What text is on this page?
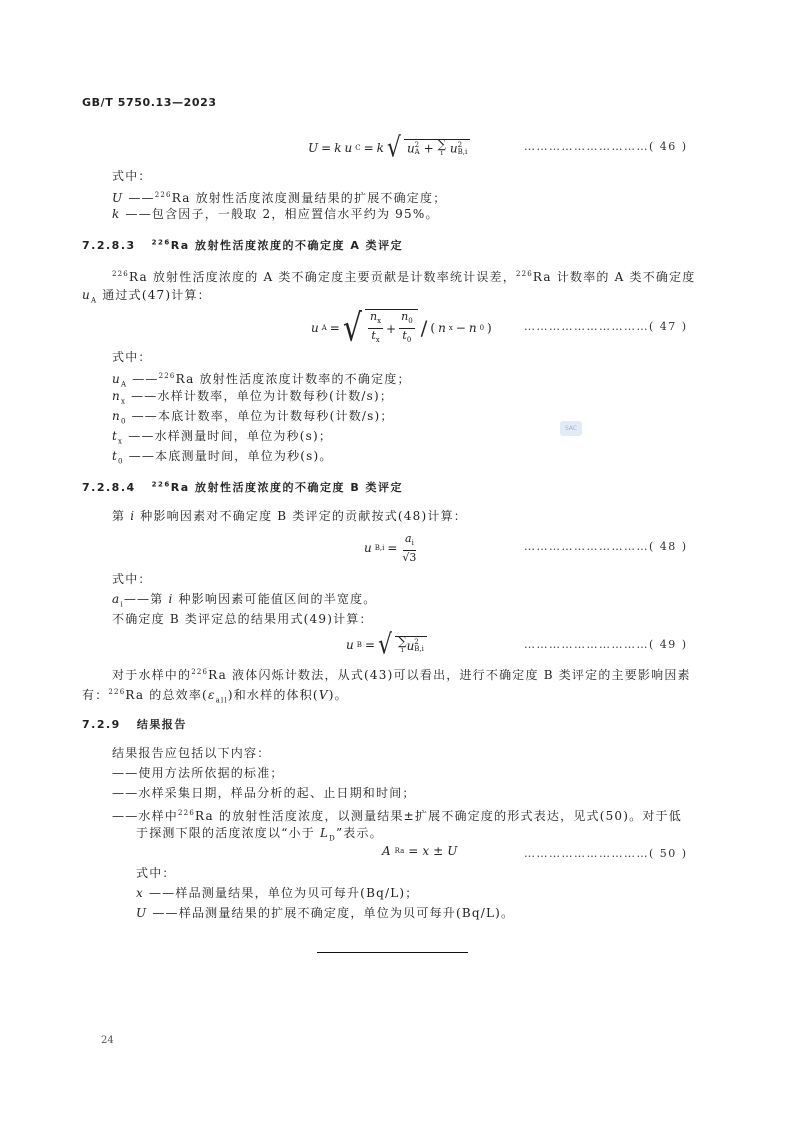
GB/T 5750.13—2023
U = k u C = k √ u 2
A + ∑
i u 2
B,i	…………………………( 46 )
式中：
U ——$^{226}$Ra 放射性活度浓度测量结果的扩展不确定度；
k ——包含因子，一般取 2，相应置信水平约为 95%。
7.2.8.3 $^{226}$Ra 放射性活度浓度的不确定度 A 类评定
$^{226}$Ra 放射性活度浓度的 A 类不确定度主要贡献是计数率统计误差，$^{226}$Ra 计数率的 A 类不确定度
$u_A$ 通过式(47)计算：
u A = √ $\frac{n_x}{t_x} + \frac{n_0}{t_0}$ / ( n x − n 0 )	…………………………( 47 )
式中：
$u_A$ ——$^{226}$Ra 放射性活度浓度计数率的不确定度；
$n_x$ ——水样计数率，单位为计数每秒(计数/s)；
$n_0$ ——本底计数率，单位为计数每秒(计数/s)；
$t_x$ ——水样测量时间，单位为秒(s)；
$t_0$ ——本底测量时间，单位为秒(s)。
7.2.8.4 $^{226}$Ra 放射性活度浓度的不确定度 B 类评定
第 i 种影响因素对不确定度 B 类评定的贡献按式(48)计算：
u $B,i = \frac{a_i}{√3}$	…………………………( 48 )
式中：
$a_i——$第 i 种影响因素可能值区间的半宽度。
不确定度 B 类评定总的结果用式(49)计算：
u B = √ ∑
i u 2
B,i	…………………………( 49 )
对于水样中的$^{226}$Ra 液体闪烁计数法，从式(43)可以看出，进行不确定度 B 类评定的主要影响因素
有：$^{226}$Ra 的总效率$(\varepsilon_{all})$和水样的体积(V)。
7.2.9 结果报告
结果报告应包括以下内容：
——使用方法所依据的标准；
——水样采集日期，样品分析的起、止日期和时间；
——水样中$^{226}$Ra 的放射性活度浓度，以测量结果±扩展不确定度的形式表达，见式(50)。对于低
于探测下限的活度浓度以“小于 $L_D$”表示。
A Ra = x ± U	…………………………( 50 )
式中：
x ——样品测量结果，单位为贝可每升(Bq/L)；
U ——样品测量结果的扩展不确定度，单位为贝可每升(Bq/L)。
SAC
24
